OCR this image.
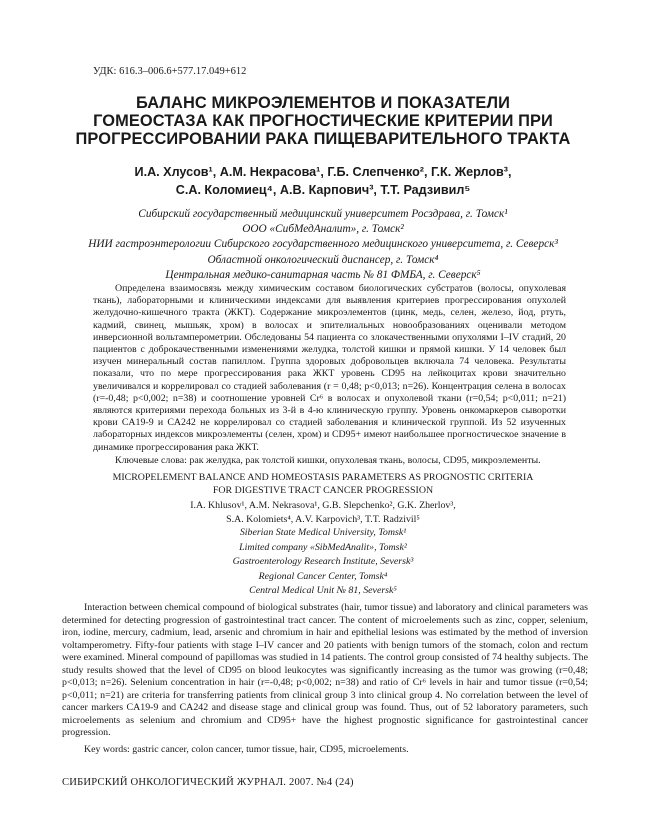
УДК: 616.3–006.6+577.17.049+612
БАЛАНС МИКРОЭЛЕМЕНТОВ И ПОКАЗАТЕЛИ
ГОМЕОСТАЗА КАК ПРОГНОСТИЧЕСКИЕ КРИТЕРИИ ПРИ
ПРОГРЕССИРОВАНИИ РАКА ПИЩЕВАРИТЕЛЬНОГО ТРАКТА
И.А. Хлусов¹, А.М. Некрасова¹, Г.Б. Слепченко², Г.К. Жерлов³,
С.А. Коломиец⁴, А.В. Карпович³, Т.Т. Радзивил⁵
Сибирский государственный медицинский университет Росздрава, г. Томск¹
ООО «СибМедАналит», г. Томск²
НИИ гастроэнтерологии Сибирского государственного медицинского университета, г. Северск³
Областной онкологический диспансер, г. Томск⁴
Центральная медико-санитарная часть № 81 ФМБА, г. Северск⁵
Определена взаимосвязь между химическим составом биологических субстратов (волосы, опухолевая ткань), лабораторными и клиническими индексами для выявления критериев прогрессирования опухолей желудочно-кишечного тракта (ЖКТ). Содержание микроэлементов (цинк, медь, селен, железо, йод, ртуть, кадмий, свинец, мышьяк, хром) в волосах и эпителиальных новообразованиях оценивали методом инверсионной вольтамперометрии. Обследованы 54 пациента со злокачественными опухолями I–IV стадий, 20 пациентов с доброкачественными изменениями желудка, толстой кишки и прямой кишки. У 14 человек был изучен минеральный состав папиллом. Группа здоровых добровольцев включала 74 человека. Результаты показали, что по мере прогрессирования рака ЖКТ уровень CD95 на лейкоцитах крови значительно увеличивался и коррелировал со стадией заболевания (r = 0,48; p<0,013; n=26). Концентрация селена в волосах (r=-0,48; p<0,002; n=38) и соотношение уровней Cr⁶ в волосах и опухолевой ткани (r=0,54; p<0,011; n=21) являются критериями перехода больных из 3-й в 4-ю клиническую группу. Уровень онкомаркеров сыворотки крови CA19-9 и CA242 не коррелировал со стадией заболевания и клинической группой. Из 52 изученных лабораторных индексов микроэлементы (селен, хром) и CD95+ имеют наибольшее прогностическое значение в динамике прогрессирования рака ЖКТ.
Ключевые слова: рак желудка, рак толстой кишки, опухолевая ткань, волосы, CD95, микроэлементы.
MICROPELEMENT BALANCE AND HOMEOSTASIS PARAMETERS AS PROGNOSTIC CRITERIA
FOR DIGESTIVE TRACT CANCER PROGRESSION
I.A. Khlusov¹, A.M. Nekrasova¹, G.B. Slepchenko², G.K. Zherlov³,
S.A. Kolomiets⁴, A.V. Karpovich³, T.T. Radzivil⁵
Siberian State Medical University, Tomsk¹
Limited company «SibMedAnalit», Tomsk²
Gastroenterology Research Institute, Seversk³
Regional Cancer Center, Tomsk⁴
Central Medical Unit № 81, Seversk⁵
Interaction between chemical compound of biological substrates (hair, tumor tissue) and laboratory and clinical parameters was determined for detecting progression of gastrointestinal tract cancer. The content of microelements such as zinc, copper, selenium, iron, iodine, mercury, cadmium, lead, arsenic and chromium in hair and epithelial lesions was estimated by the method of inversion voltamperometry. Fifty-four patients with stage I–IV cancer and 20 patients with benign tumors of the stomach, colon and rectum were examined. Mineral compound of papillomas was studied in 14 patients. The control group consisted of 74 healthy subjects. The study results showed that the level of CD95 on blood leukocytes was significantly increasing as the tumor was growing (r=0,48; p<0,013; n=26). Selenium concentration in hair (r=-0,48; p<0,002; n=38) and ratio of Cr⁶ levels in hair and tumor tissue (r=0,54; p<0,011; n=21) are criteria for transferring patients from clinical group 3 into clinical group 4. No correlation between the level of cancer markers CA19-9 and CA242 and disease stage and clinical group was found. Thus, out of 52 laboratory parameters, such microelements as selenium and chromium and CD95+ have the highest prognostic significance for gastrointestinal cancer progression.
Key words: gastric cancer, colon cancer, tumor tissue, hair, CD95, microelements.
СИБИРСКИЙ ОНКОЛОГИЧЕСКИЙ ЖУРНАЛ. 2007. №4 (24)
